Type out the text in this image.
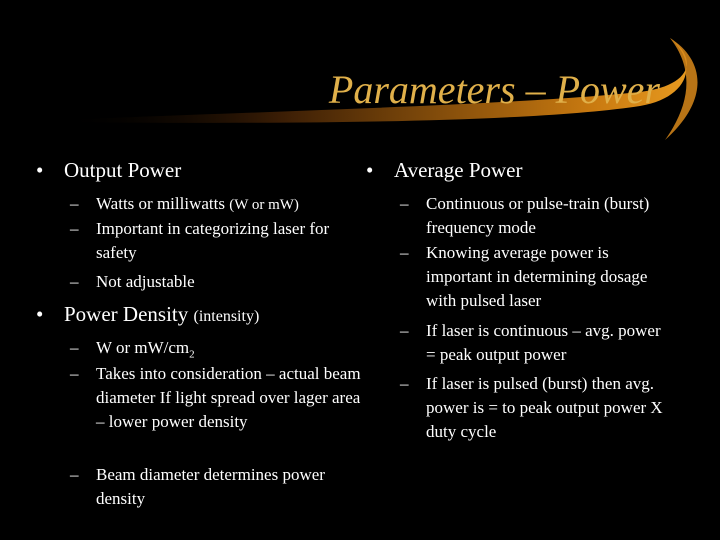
Parameters – Power
• Output Power
– Watts or milliwatts (W or mW)
– Important in categorizing laser for safety
– Not adjustable
• Power Density (intensity)
– W or $mW/cm_2$
– Takes into consideration – actual beam diameter If light spread over lager area – lower power density
– Beam diameter determines power density
• Average Power
– Continuous or pulse-train (burst) frequency mode
– Knowing average power is important in determining dosage with pulsed laser
– If laser is continuous – avg. power = peak output power
– If laser is pulsed (burst) then avg. power is = to peak output power X duty cycle
